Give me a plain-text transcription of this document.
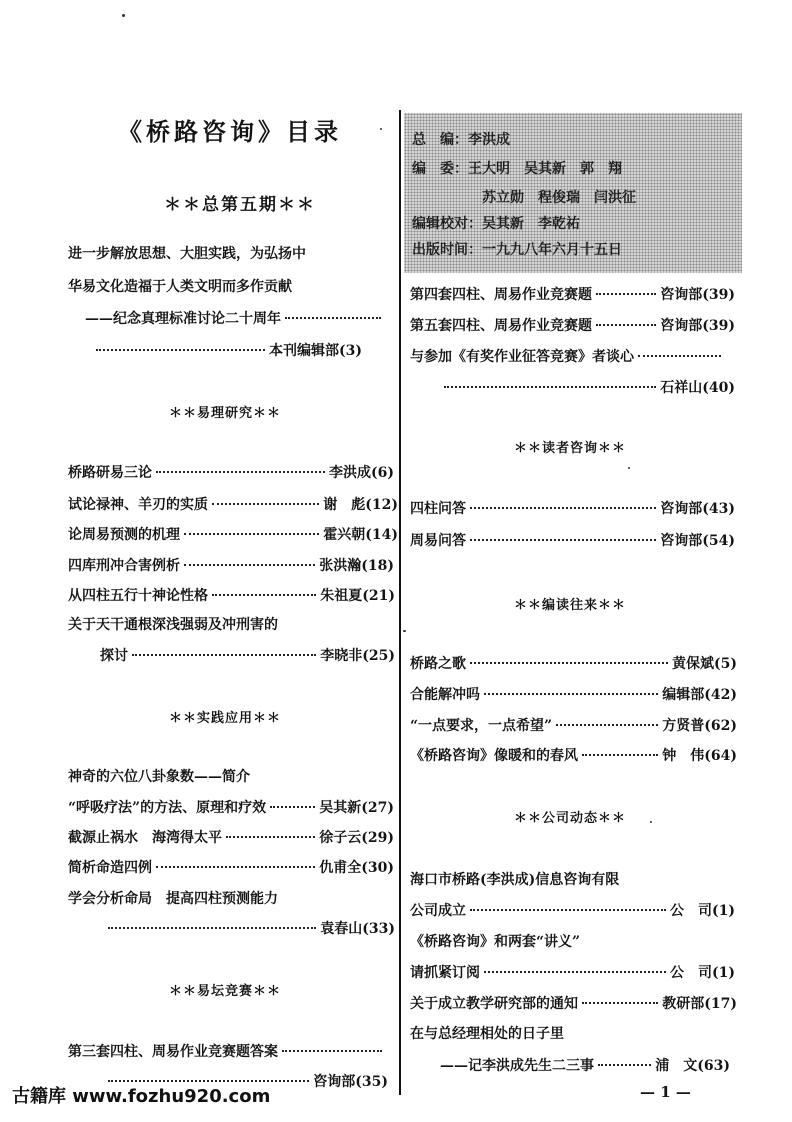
《桥路咨询》目录
＊＊总第五期＊＊
进一步解放思想、大胆实践，为弘扬中
华易文化造福于人类文明而多作贡献
——纪念真理标准讨论二十周年
本刊编辑部(3)
＊＊易理研究＊＊
桥路研易三论	李洪成(6)
试论禄神、羊刃的实质	谢　彪(12)
论周易预测的机理	霍兴朝(14)
四库刑冲合害例析	张洪瀚(18)
从四柱五行十神论性格	朱祖夏(21)
关于天干通根深浅强弱及冲刑害的
探讨	李晓非(25)
＊＊实践应用＊＊
神奇的六位八卦象数——简介
“呼吸疗法”的方法、原理和疗效	吴其新(27)
截源止祸水　海湾得太平	徐子云(29)
简析命造四例	仇甫全(30)
学会分析命局　提高四柱预测能力
袁春山(33)
＊＊易坛竞赛＊＊
第三套四柱、周易作业竞赛题答案
咨询部(35)
总　编：李洪成
编　委：王大明　吴其新　郭　翔
苏立勋　程俊瑞　闫洪征
编辑校对：吴其新　李乾祐
出版时间：一九九八年六月十五日
第四套四柱、周易作业竞赛题	咨询部(39)
第五套四柱、周易作业竞赛题	咨询部(39)
与参加《有奖作业征答竞赛》者谈心
石祥山(40)
＊＊读者咨询＊＊
四柱问答	咨询部(43)
周易问答	咨询部(54)
＊＊编读往来＊＊
桥路之歌	黄保斌(5)
合能解冲吗	编辑部(42)
“一点要求，一点希望”	方贤普(62)
《桥路咨询》像暖和的春风	钟　伟(64)
＊＊公司动态＊＊
海口市桥路(李洪成)信息咨询有限
公司成立	公　司(1)
《桥路咨询》和两套“讲义”
请抓紧订阅	公　司(1)
关于成立教学研究部的通知	教研部(17)
在与总经理相处的日子里
——记李洪成先生二三事	浦　文(63)
古籍库 www.fozhu920.com	— 1 —
